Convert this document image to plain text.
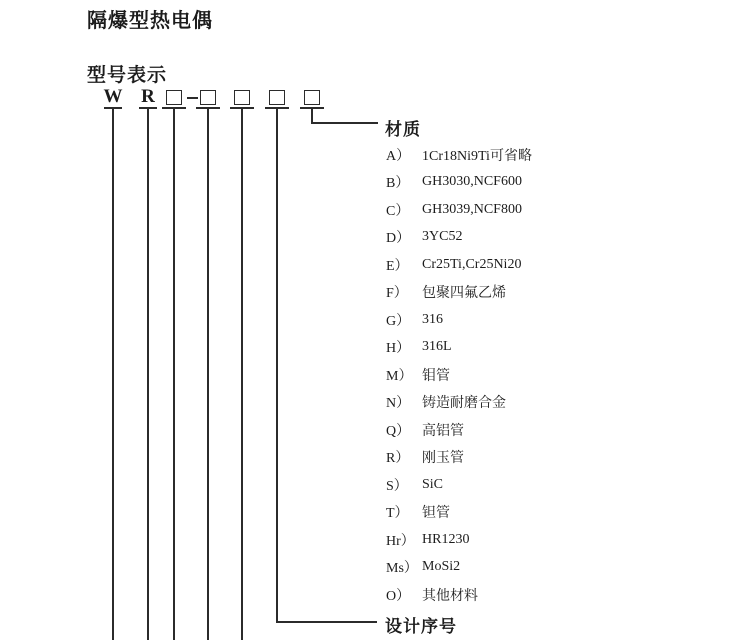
隔爆型热电偶
型号表示
W R
材质
A） 1Cr18Ni9Ti可省略
B） GH3030,NCF600
C） GH3039,NCF800
D） 3YC52
E） Cr25Ti,Cr25Ni20
F）	包聚四氟乙烯
G） 316
H） 316L
M） 钼管
N） 铸造耐磨合金
Q） 高铝管
R） 刚玉管
S）	SiC
T） 钽管
Hr） HR1230
Ms） MoSi2
O） 其他材料
设计序号
